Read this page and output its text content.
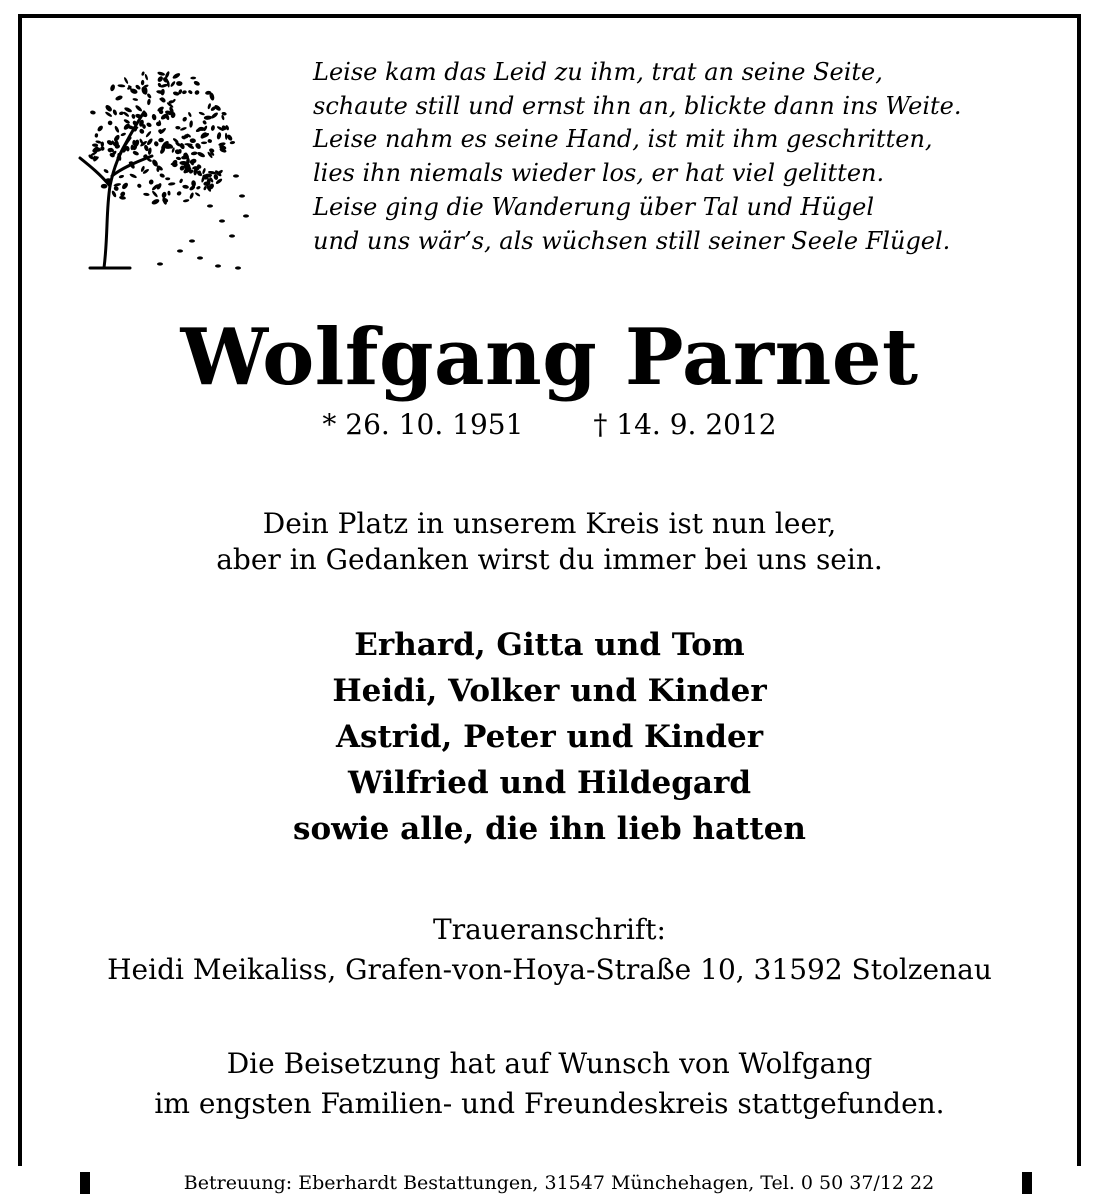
Leise kam das Leid zu ihm, trat an seine Seite,
schaute still und ernst ihn an, blickte dann ins Weite.
Leise nahm es seine Hand, ist mit ihm geschritten,
lies ihn niemals wieder los, er hat viel gelitten.
Leise ging die Wanderung über Tal und Hügel
und uns wär’s, als wüchsen still seiner Seele Flügel.
Wolfgang Parnet
* 26. 10. 1951	† 14. 9. 2012
Dein Platz in unserem Kreis ist nun leer,
aber in Gedanken wirst du immer bei uns sein.
Erhard, Gitta und Tom
Heidi, Volker und Kinder
Astrid, Peter und Kinder
Wilfried und Hildegard
sowie alle, die ihn lieb hatten
Traueranschrift:
Heidi Meikaliss, Grafen-von-Hoya-Straße 10, 31592 Stolzenau
Die Beisetzung hat auf Wunsch von Wolfgang
im engsten Familien- und Freundeskreis stattgefunden.
Betreuung: Eberhardt Bestattungen, 31547 Münchehagen, Tel. 0 50 37/12 22
